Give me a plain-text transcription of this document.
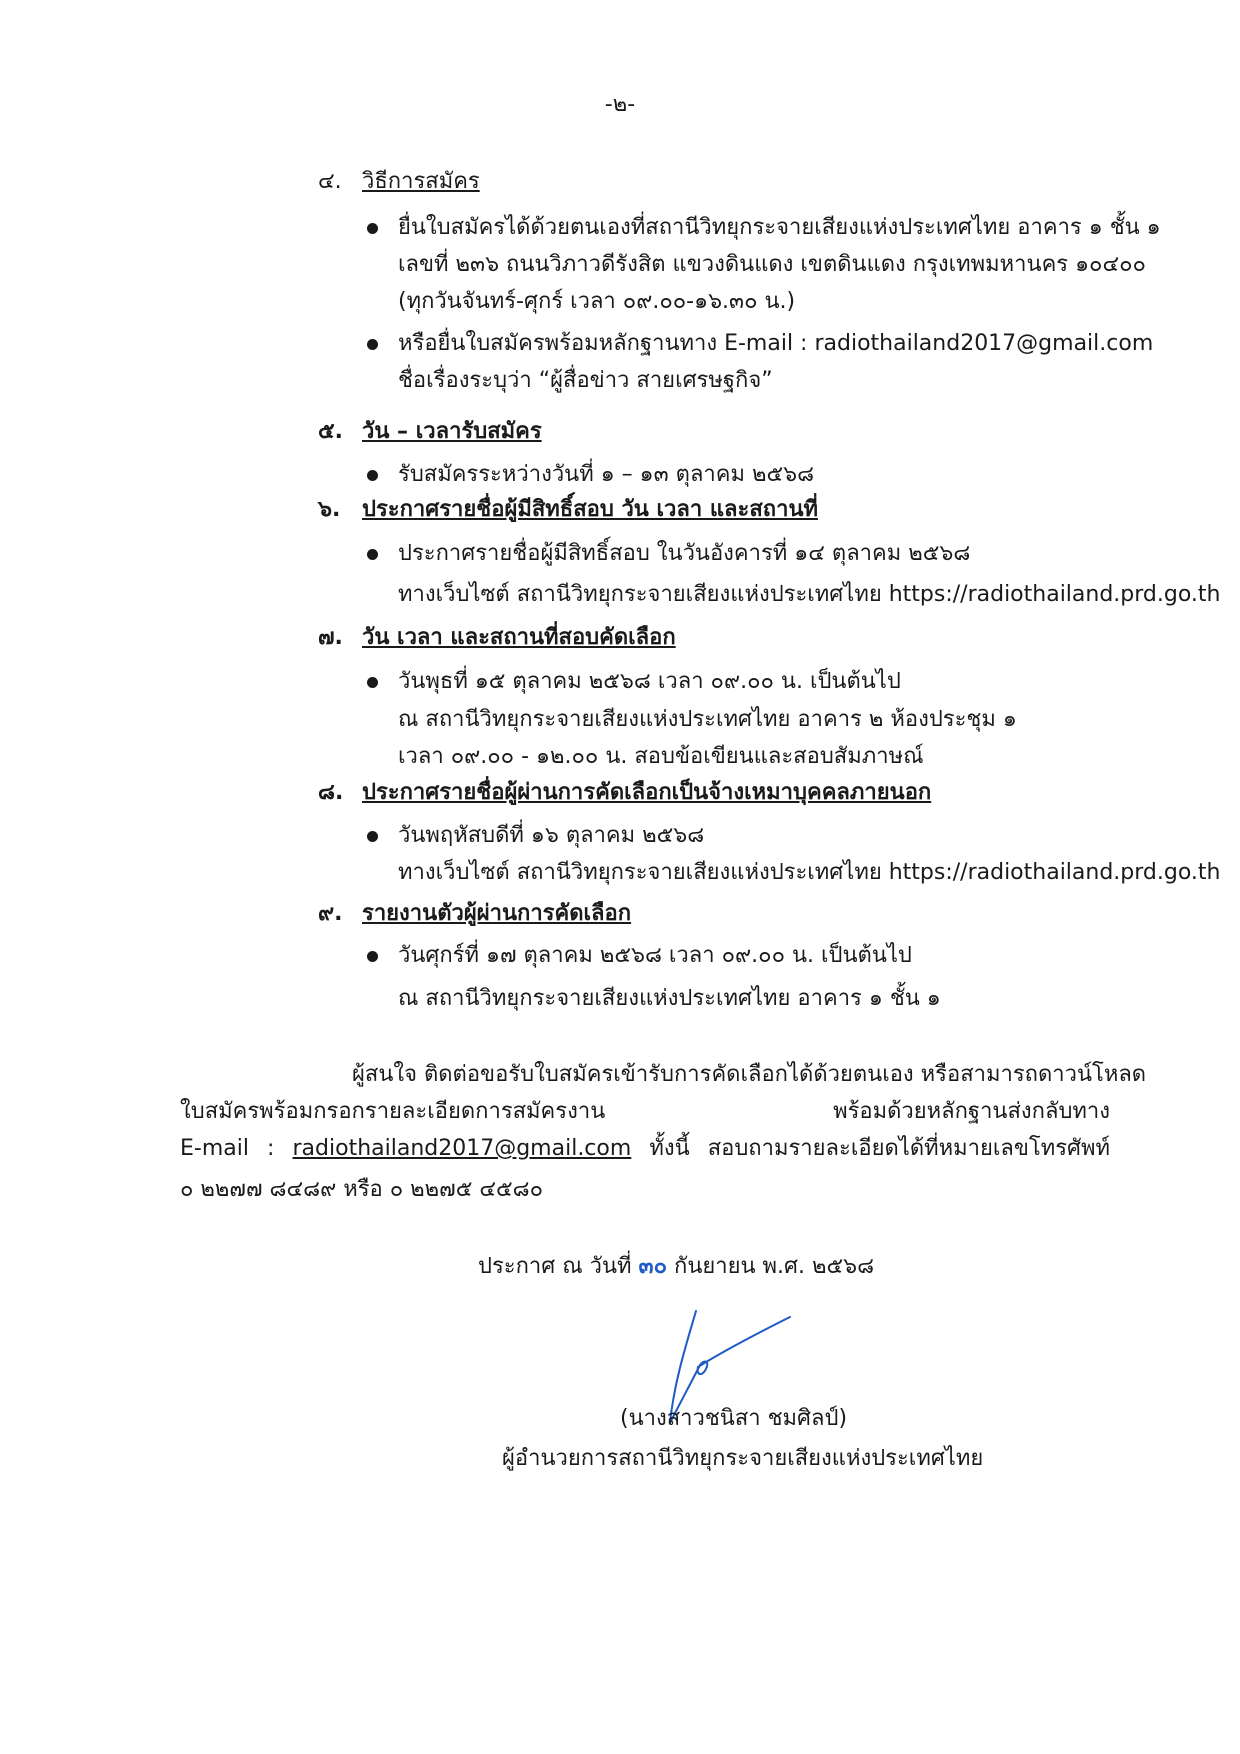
-๒-
๔. วิธีการสมัคร
ยื่นใบสมัครได้ด้วยตนเองที่สถานีวิทยุกระจายเสียงแห่งประเทศไทย อาคาร ๑ ชั้น ๑
เลขที่ ๒๓๖ ถนนวิภาวดีรังสิต แขวงดินแดง เขตดินแดง กรุงเทพมหานคร ๑๐๔๐๐
(ทุกวันจันทร์-ศุกร์ เวลา ๐๙.๐๐-๑๖.๓๐ น.)
หรือยื่นใบสมัครพร้อมหลักฐานทาง E-mail : radiothailand2017@gmail.com
ชื่อเรื่องระบุว่า “ผู้สื่อข่าว สายเศรษฐกิจ”
๕. วัน – เวลารับสมัคร
รับสมัครระหว่างวันที่ ๑ – ๑๓ ตุลาคม ๒๕๖๘
๖. ประกาศรายชื่อผู้มีสิทธิ์สอบ วัน เวลา และสถานที่
ประกาศรายชื่อผู้มีสิทธิ์สอบ ในวันอังคารที่ ๑๔ ตุลาคม ๒๕๖๘
ทางเว็บไซต์ สถานีวิทยุกระจายเสียงแห่งประเทศไทย https://radiothailand.prd.go.th
๗. วัน เวลา และสถานที่สอบคัดเลือก
วันพุธที่ ๑๕ ตุลาคม ๒๕๖๘ เวลา ๐๙.๐๐ น. เป็นต้นไป
ณ สถานีวิทยุกระจายเสียงแห่งประเทศไทย อาคาร ๒ ห้องประชุม ๑
เวลา ๐๙.๐๐ - ๑๒.๐๐ น. สอบข้อเขียนและสอบสัมภาษณ์
๘. ประกาศรายชื่อผู้ผ่านการคัดเลือกเป็นจ้างเหมาบุคคลภายนอก
วันพฤหัสบดีที่ ๑๖ ตุลาคม ๒๕๖๘
ทางเว็บไซต์ สถานีวิทยุกระจายเสียงแห่งประเทศไทย https://radiothailand.prd.go.th
๙. รายงานตัวผู้ผ่านการคัดเลือก
วันศุกร์ที่ ๑๗ ตุลาคม ๒๕๖๘ เวลา ๐๙.๐๐ น. เป็นต้นไป
ณ สถานีวิทยุกระจายเสียงแห่งประเทศไทย อาคาร ๑ ชั้น ๑
ผู้สนใจ ติดต่อขอรับใบสมัครเข้ารับการคัดเลือกได้ด้วยตนเอง หรือสามารถดาวน์โหลด
ใบสมัครพร้อมกรอกรายละเอียดการสมัครงาน พร้อมด้วยหลักฐานส่งกลับทาง
E-mail : radiothailand2017@gmail.com ทั้งนี้ สอบถามรายละเอียดได้ที่หมายเลขโทรศัพท์
๐ ๒๒๗๗ ๘๔๘๙ หรือ ๐ ๒๒๗๕ ๔๕๘๐
ประกาศ ณ วันที่ ๓๐ กันยายน พ.ศ. ๒๕๖๘
(นางสาวชนิสา ชมศิลป์)
ผู้อำนวยการสถานีวิทยุกระจายเสียงแห่งประเทศไทย
